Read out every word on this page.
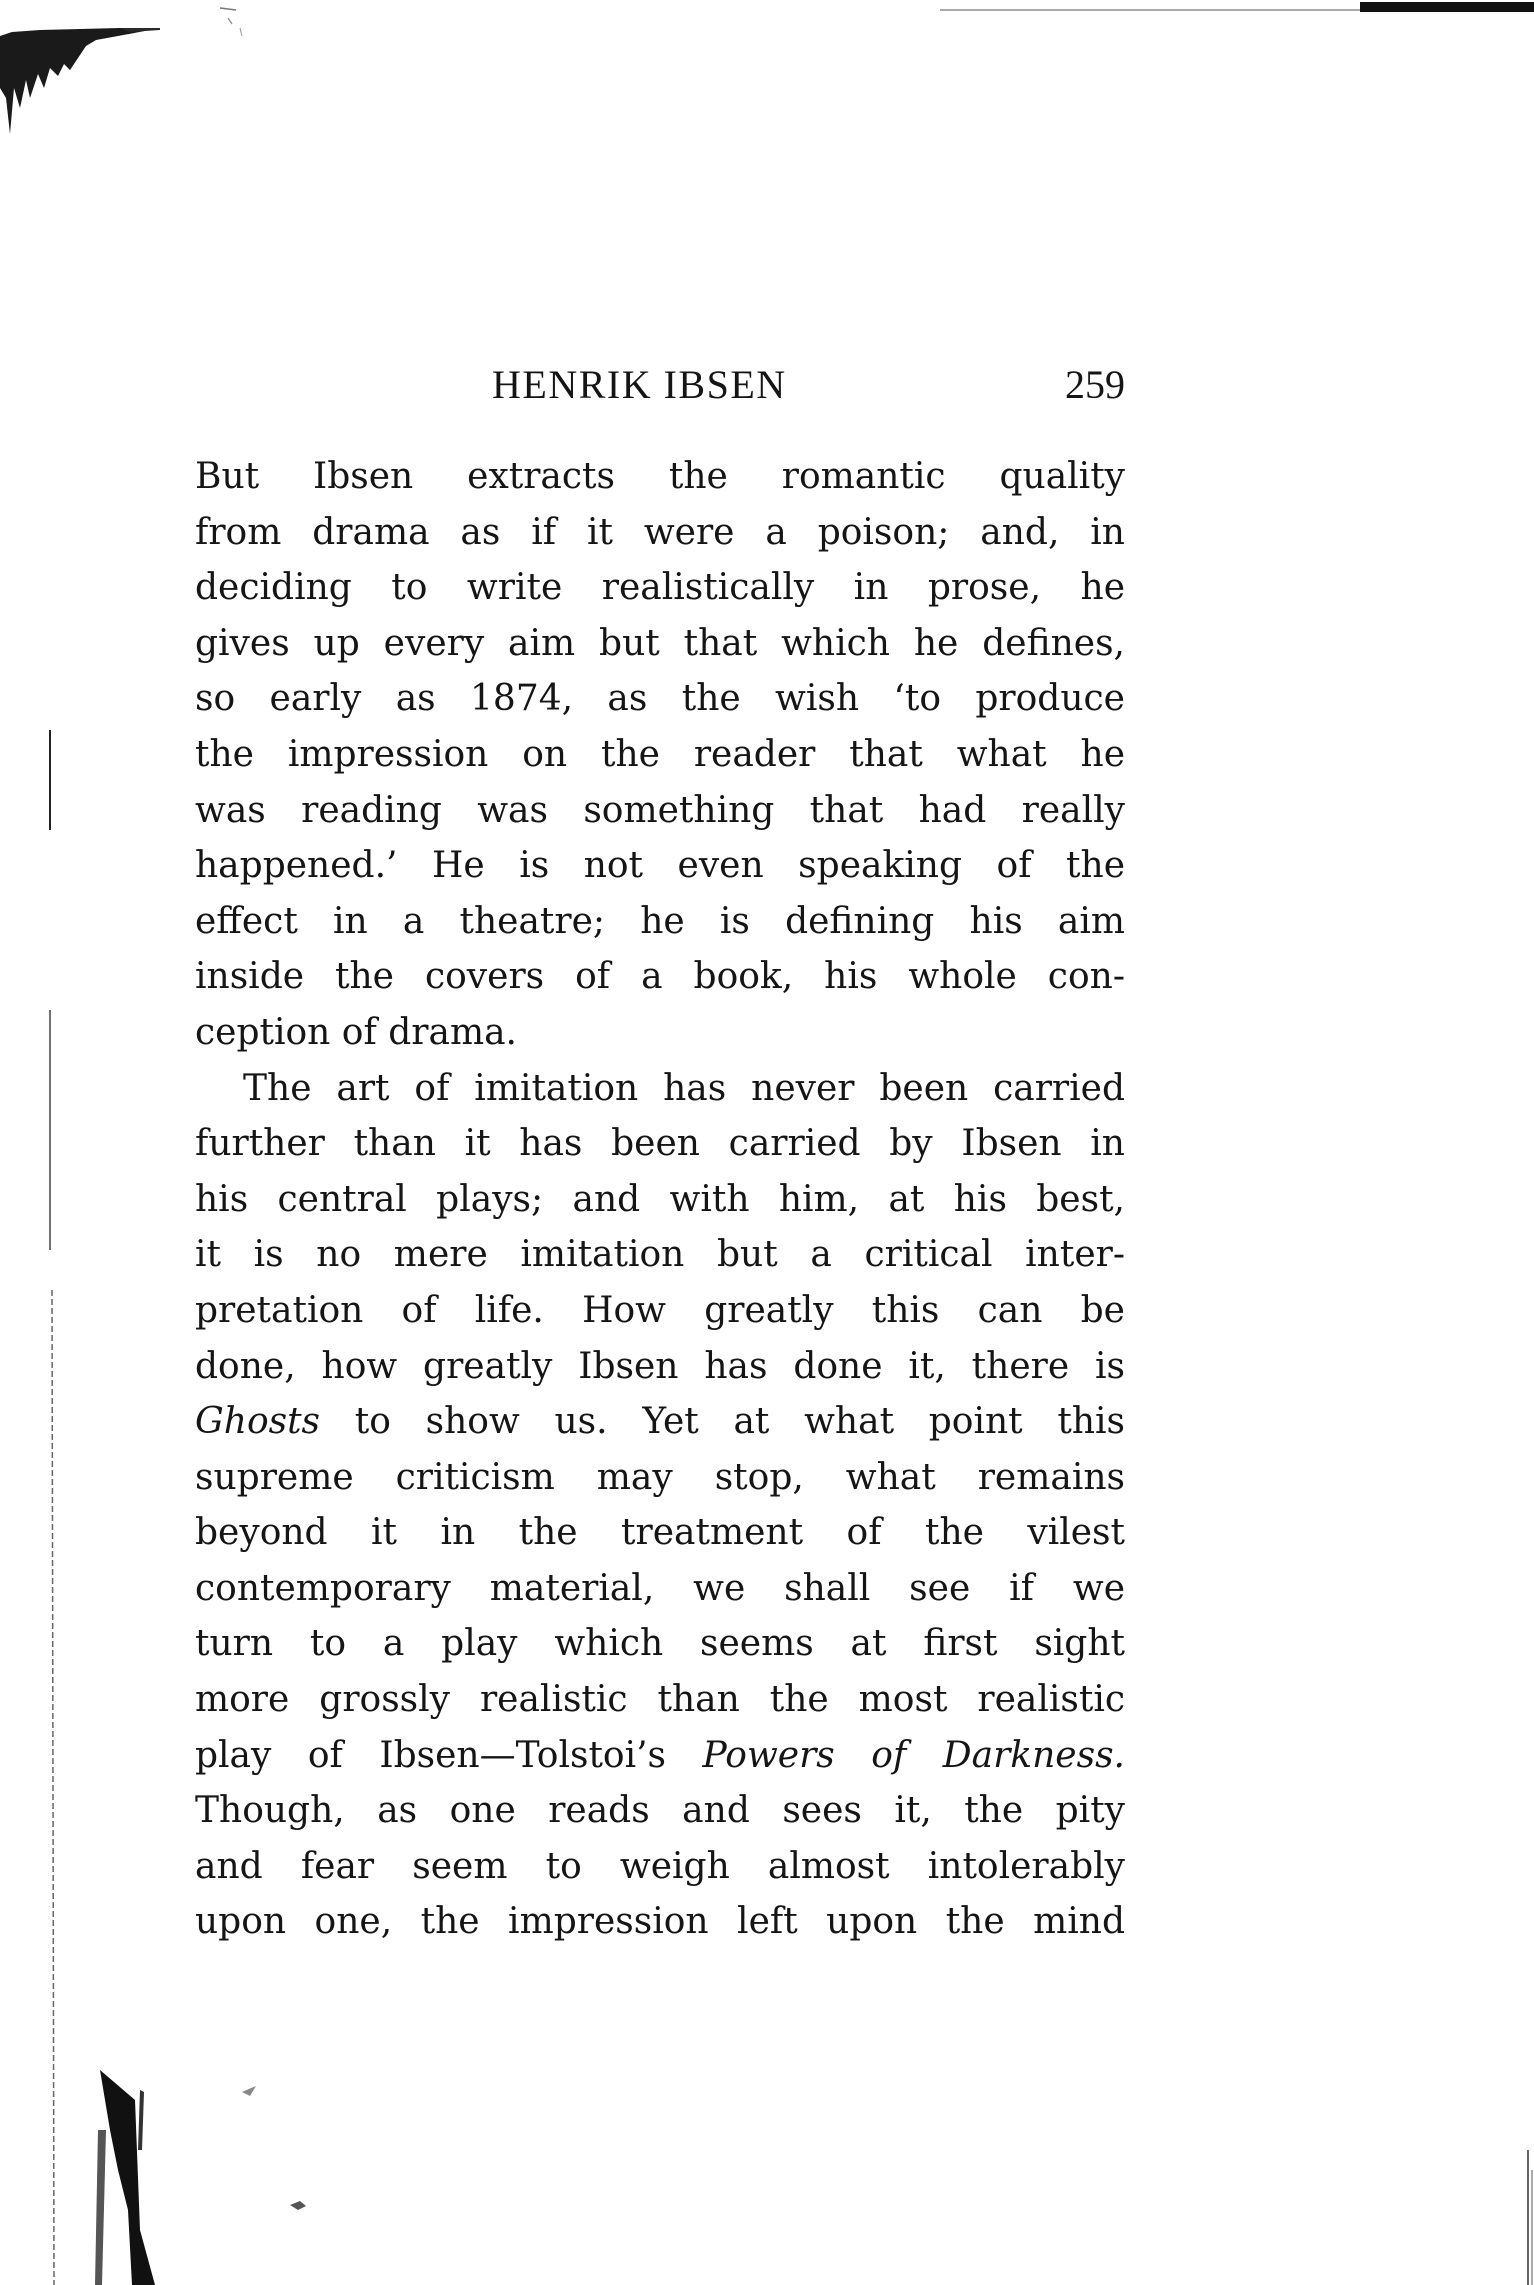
HENRIK IBSEN	259
But Ibsen extracts the romantic quality
from drama as if it were a poison; and, in
deciding to write realistically in prose, he
gives up every aim but that which he defines,
so early as 1874, as the wish ‘to produce
the impression on the reader that what he
was reading was something that had really
happened.’ He is not even speaking of the
effect in a theatre; he is defining his aim
inside the covers of a book, his whole con-
ception of drama.
The art of imitation has never been carried
further than it has been carried by Ibsen in
his central plays; and with him, at his best,
it is no mere imitation but a critical inter-
pretation of life. How greatly this can be
done, how greatly Ibsen has done it, there is
Ghosts to show us. Yet at what point this
supreme criticism may stop, what remains
beyond it in the treatment of the vilest
contemporary material, we shall see if we
turn to a play which seems at first sight
more grossly realistic than the most realistic
play of Ibsen—Tolstoi’s Powers of Darkness.
Though, as one reads and sees it, the pity
and fear seem to weigh almost intolerably
upon one, the impression left upon the mind
